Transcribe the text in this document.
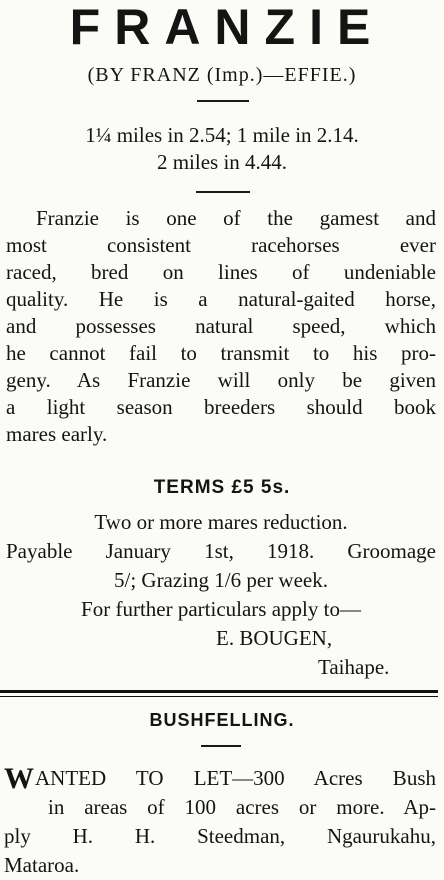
FRANZIE
(BY FRANZ (Imp.)—EFFIE.)
1¼ miles in 2.54; 1 mile in 2.14.
2 miles in 4.44.
Franzie is one of the gamest and
most consistent racehorses ever
raced, bred on lines of undeniable
quality. He is a natural-gaited horse,
and possesses natural speed, which
he cannot fail to transmit to his pro-
geny. As Franzie will only be given
a light season breeders should book
mares early.
TERMS £5 5s.
Two or more mares reduction.
Payable January 1st, 1918. Groomage
5/; Grazing 1/6 per week.
For further particulars apply to—
E. BOUGEN,
Taihape.
BUSHFELLING.
WANTED TO LET—300 Acres Bush
in areas of 100 acres or more. Ap-
ply H. H. Steedman, Ngaurukahu,
Mataroa.
